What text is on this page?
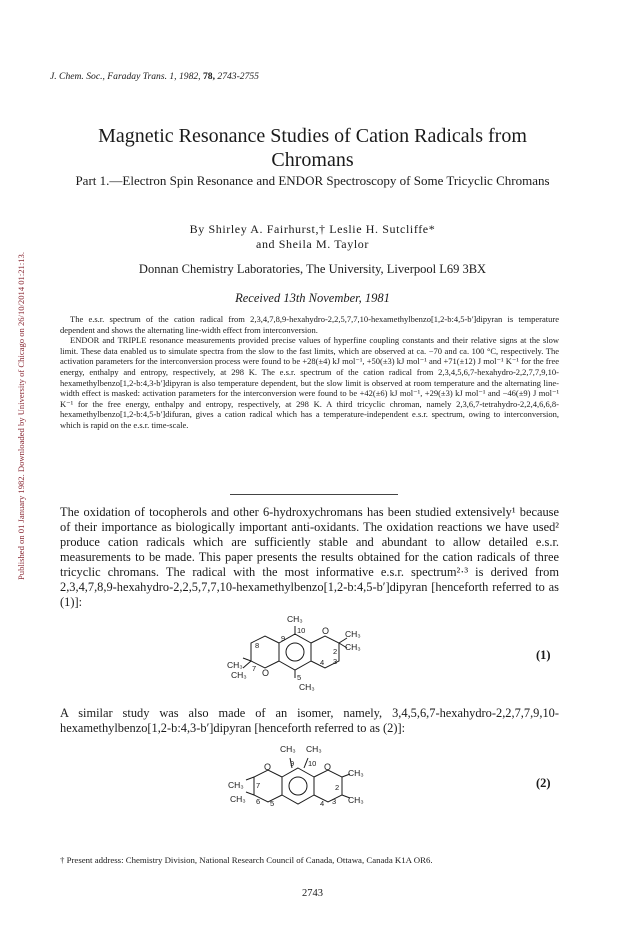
Published on 01 January 1982. Downloaded by University of Chicago on 26/10/2014 01:21:13.
J. Chem. Soc., Faraday Trans. 1, 1982, 78, 2743-2755
Magnetic Resonance Studies of Cation Radicals from Chromans
Part 1.—Electron Spin Resonance and ENDOR Spectroscopy of Some Tricyclic Chromans
By Shirley A. Fairhurst,† Leslie H. Sutcliffe*
and Sheila M. Taylor
Donnan Chemistry Laboratories, The University, Liverpool L69 3BX
Received 13th November, 1981

The e.s.r. spectrum of the cation radical from 2,3,4,7,8,9-hexahydro-2,2,5,7,7,10-hexamethylbenzo[1,2-b:4,5-b′]dipyran is temperature dependent and shows the alternating line-width effect from interconversion.

ENDOR and TRIPLE resonance measurements provided precise values of hyperfine coupling constants and their relative signs at the slow limit. These data enabled us to simulate spectra from the slow to the fast limits, which are observed at ca. −70 and ca. 100 °C, respectively. The activation parameters for the interconversion process were found to be +28(±4) kJ mol⁻¹, +50(±3) kJ mol⁻¹ and +71(±12) J mol⁻¹ K⁻¹ for the free energy, enthalpy and entropy, respectively, at 298 K. The e.s.r. spectrum of the cation radical from 2,3,4,5,6,7-hexahydro-2,2,7,7,9,10-hexamethylbenzo[1,2-b:4,3-b′]dipyran is also temperature dependent, but the slow limit is observed at room temperature and the alternating line-width effect is masked: activation parameters for the interconversion were found to be +42(±6) kJ mol⁻¹, +29(±3) kJ mol⁻¹ and −46(±9) J mol⁻¹ K⁻¹ for the free energy, enthalpy and entropy, respectively, at 298 K. A third tricyclic chroman, namely 2,3,6,7-tetrahydro-2,2,4,6,6,8-hexamethylbenzo[1,2-b:4,5-b′]difuran, gives a cation radical which has a temperature-independent e.s.r. spectrum, owing to interconversion, which is rapid on the e.s.r. time-scale.

The oxidation of tocopherols and other 6-hydroxychromans has been studied extensively¹ because of their importance as biologically important anti-oxidants. The oxidation reactions we have used² produce cation radicals which are sufficiently stable and abundant to allow detailed e.s.r. measurements to be made. This paper presents the results obtained for the cation radicals of three tricyclic chromans. The radical with the most informative e.s.r. spectrum²·³ is derived from 2,3,4,7,8,9-hexahydro-2,2,5,7,7,10-hexamethylbenzo[1,2-b:4,5-b′]dipyran [henceforth referred to as (1)]:

CH₃
10
9
8
O CH₃
CH₃
2
3
4
CH₃
CH₃
7 O	5
CH₃
(1)

A similar study was also made of an isomer, namely, 3,4,5,6,7-hexahydro-2,2,7,7,9,10-hexamethylbenzo[1,2-b:4,3-b′]dipyran [henceforth referred to as (2)]:

CH₃ CH₃
9 10
O	O
CH₃
CH₃
7
6 5	4 3
2
CH₃
CH₃
(2)
† Present address: Chemistry Division, National Research Council of Canada, Ottawa, Canada K1A OR6.
2743
